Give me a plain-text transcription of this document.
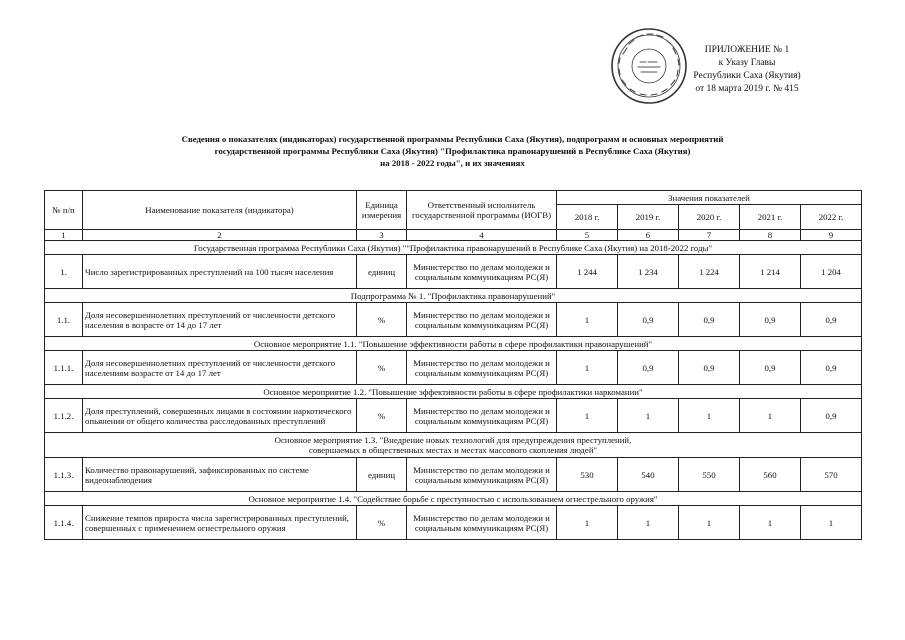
ПРИЛОЖЕНИЕ № 1
к Указу Главы
Республики Саха (Якутия)
от 18 марта 2019 г. № 415
Сведения о показателях (индикаторах) государственной программы Республики Саха (Якутия), подпрограмм и основных мероприятий
государственной программы Республики Саха (Якутия) "Профилактика правонарушений в Республике Саха (Якутия)
на 2018 - 2022 годы", и их значениях
№ п/п	Наименование показателя (индикатора)	Единица измерения	Ответственный исполнитель государственной программы (ИОГВ)	Значения показателей				
				2018 г.	2019 г.	2020 г.	2021 г.	2022 г.
1	2	3	4	5	6	7	8	9
Государственная программа Республики Саха (Якутия) ""Профилактика правонарушений в Республике Саха (Якутия) на 2018-2022 годы"								
1.	Число зарегистрированных преступлений на 100 тысяч населения	единиц	Министерство по делам молодежи и социальным коммуникациям РС(Я)	1 244	1 234	1 224	1 214	1 204
Подпрограмма № 1. "Профилактика правонарушений"								
1.1.	Доля несовершеннолетних преступлений от численности детского населения в возрасте от 14 до 17 лет	%	Министерство по делам молодежи и социальным коммуникациям РС(Я)	1	0,9	0,9	0,9	0,9
Основное мероприятие 1.1. "Повышение эффективности работы в сфере профилактики правонарушений"								
1.1.1.	Доля несовершеннолетних преступлений от численности детского населениям возрасте от 14 до 17 лет	%	Министерство по делам молодежи и социальным коммуникациям РС(Я)	1	0,9	0,9	0,9	0,9
Основное мероприятие 1.2. "Повышение эффективности работы в сфере профилактики наркомании"								
1.1.2.	Доля преступлений, совершенных лицами в состоянии наркотического опьянения от общего количества расследованных преступлений	%	Министерство по делам молодежи и социальным коммуникациям РС(Я)	1	1	1	1	0,9

Основное мероприятие 1.3. "Внедрение новых технологий для предупреждения преступлений,
совершаемых в общественных местах и местах массового скопления людей"								

1.1.3.	Количество правонарушений, зафиксированных по системе видеонаблюдения	единиц	Министерство по делам молодежи и социальным коммуникациям РС(Я)	530	540	550	560	570
Основное мероприятие 1.4. "Содействие борьбе с преступностью с использованием огнестрельного оружия"								
1.1.4.	Снижение темпов прироста числа зарегистрированных преступлений, совершенных с применением огнестрельного оружия	%	Министерство по делам молодежи и социальным коммуникациям РС(Я)	1	1	1	1	1
